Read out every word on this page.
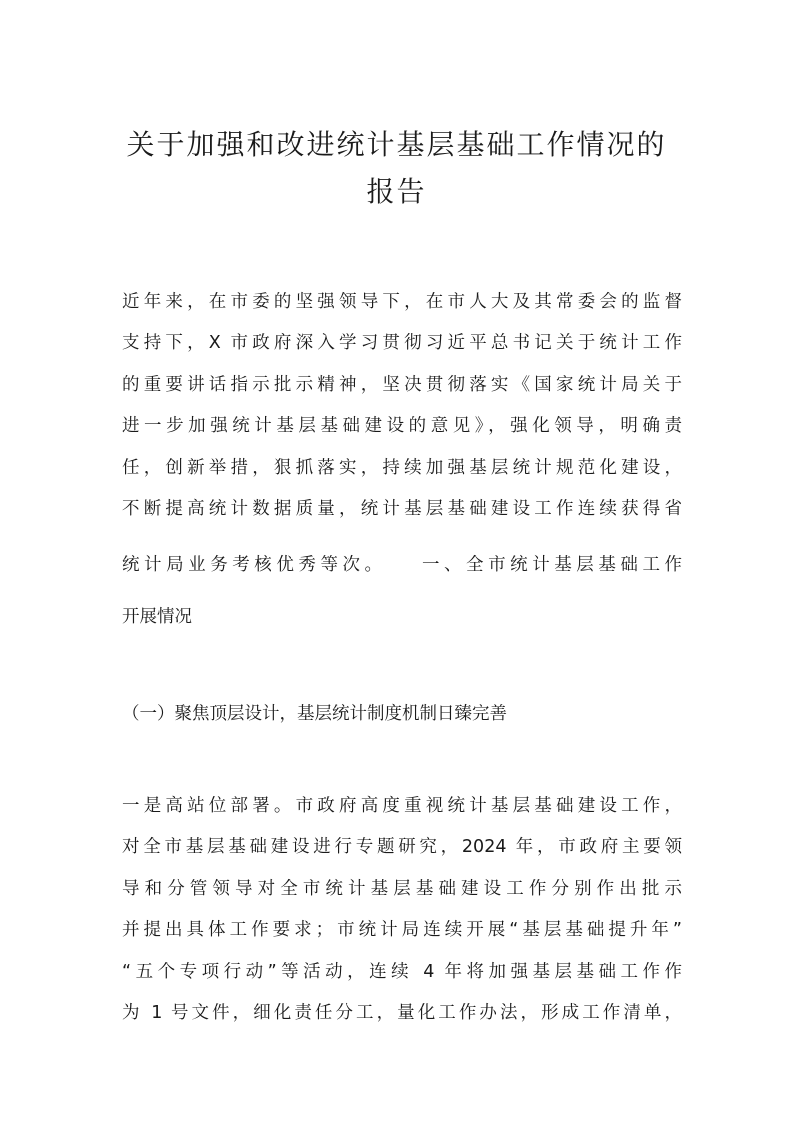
关于加强和改进统计基层基础工作情况的
报告

近年来，在市委的坚强领导下，在市人大及其常委会的监督

支持下，X 市政府深入学习贯彻习近平总书记关于统计工作

的重要讲话指示批示精神，坚决贯彻落实《国家统计局关于

进一步加强统计基层基础建设的意见》，强化领导，明确责

任，创新举措，狠抓落实，持续加强基层统计规范化建设，

不断提高统计数据质量，统计基层基础建设工作连续获得省

统计局业务考核优秀等次。　　一、全市统计基层基础工作

开展情况

（一）聚焦顶层设计，基层统计制度机制日臻完善

一是高站位部署。市政府高度重视统计基层基础建设工作，

对全市基层基础建设进行专题研究，2024 年，市政府主要领

导和分管领导对全市统计基层基础建设工作分别作出批示

并提出具体工作要求；市统计局连续开展“基层基础提升年”

“五个专项行动”等活动，连续 4 年将加强基层基础工作作

为 1 号文件，细化责任分工，量化工作办法，形成工作清单，
